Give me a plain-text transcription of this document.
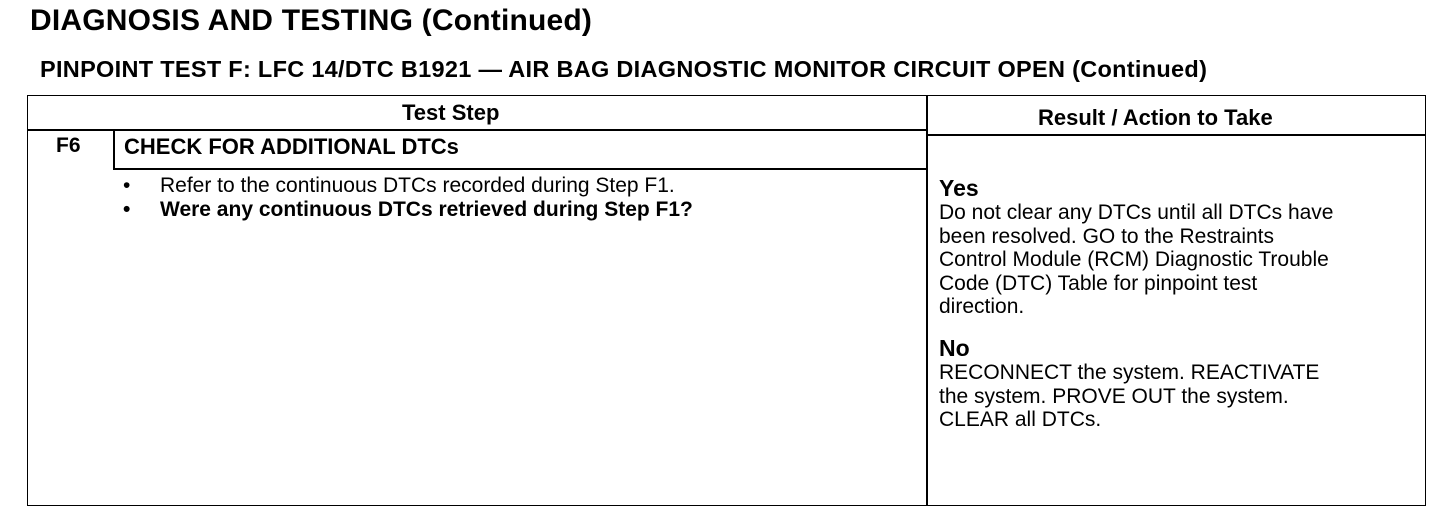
DIAGNOSIS AND TESTING (Continued)
PINPOINT TEST F: LFC 14/DTC B1921 — AIR BAG DIAGNOSTIC MONITOR CIRCUIT OPEN (Continued)
Test Step	Result / Action to Take
F6 CHECK FOR ADDITIONAL DTCs
• Refer to the continuous DTCs recorded during Step F1.
• Were any continuous DTCs retrieved during Step F1?
Yes
Do not clear any DTCs until all DTCs have
been resolved. GO to the Restraints
Control Module (RCM) Diagnostic Trouble
Code (DTC) Table for pinpoint test
direction.
No
RECONNECT the system. REACTIVATE
the system. PROVE OUT the system.
CLEAR all DTCs.
